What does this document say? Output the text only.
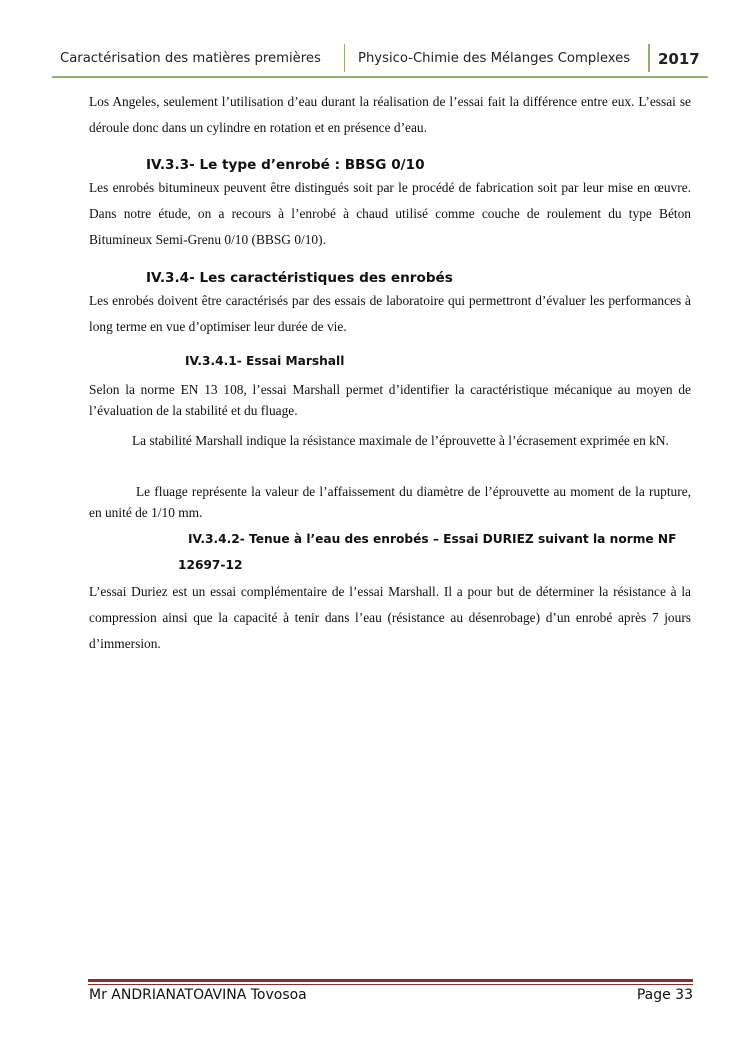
Caractérisation des matières premières	Physico-Chimie des Mélanges Complexes 2017

Los Angeles, seulement l’utilisation d’eau durant la réalisation de l’essai fait la différence entre eux. L’essai se déroule donc dans un cylindre en rotation et en présence d’eau.

IV.3.3- Le type d’enrobé : BBSG 0/10

Les enrobés bitumineux peuvent être distingués soit par le procédé de fabrication soit par leur mise en œuvre. Dans notre étude, on a recours à l’enrobé à chaud utilisé comme couche de roulement du type Béton Bitumineux Semi-Grenu 0/10 (BBSG 0/10).

IV.3.4- Les caractéristiques des enrobés

Les enrobés doivent être caractérisés par des essais de laboratoire qui permettront d’évaluer les performances à long terme en vue d’optimiser leur durée de vie.

IV.3.4.1- Essai Marshall

Selon la norme EN 13 108, l’essai Marshall permet d’identifier la caractéristique mécanique au moyen de l’évaluation de la stabilité et du fluage.

La stabilité Marshall indique la résistance maximale de l’éprouvette à l’écrasement exprimée en kN.

Le fluage représente la valeur de l’affaissement du diamètre de l’éprouvette au moment de la rupture, en unité de 1/10 mm.

IV.3.4.2- Tenue à l’eau des enrobés – Essai DURIEZ suivant la norme NF
12697-12

L’essai Duriez est un essai complémentaire de l’essai Marshall. Il a pour but de déterminer la résistance à la compression ainsi que la capacité à tenir dans l’eau (résistance au désenrobage) d’un enrobé après 7 jours d’immersion.

Mr ANDRIANATOAVINA Tovosoa	Page 33
